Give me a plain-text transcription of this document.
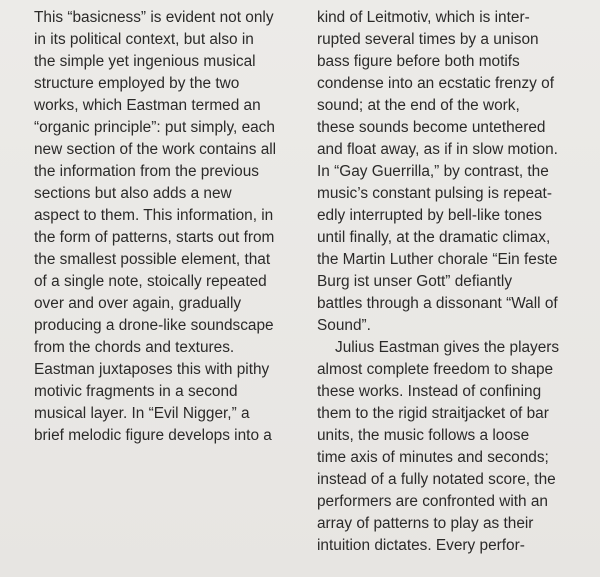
This “basicness” is evident not only
in its political context, but also in
the simple yet ingenious musical
structure employed by the two
works, which Eastman termed an
“organic principle”: put simply, each
new section of the work contains all
the information from the previous
sections but also adds a new
aspect to them. This information, in
the form of patterns, starts out from
the smallest possible element, that
of a single note, stoically repeated
over and over again, gradually
producing a drone-like soundscape
from the chords and textures.
Eastman juxtaposes this with pithy
motivic fragments in a second
musical layer. In “Evil Nigger,” a
brief melodic figure develops into a
kind of Leitmotiv, which is inter-
rupted several times by a unison
bass figure before both motifs
condense into an ecstatic frenzy of
sound; at the end of the work,
these sounds become untethered
and float away, as if in slow motion.
In “Gay Guerrilla,” by contrast, the
music’s constant pulsing is repeat-
edly interrupted by bell-like tones
until finally, at the dramatic climax,
the Martin Luther chorale “Ein feste
Burg ist unser Gott” defiantly
battles through a dissonant “Wall of
Sound”.
Julius Eastman gives the players
almost complete freedom to shape
these works. Instead of confining
them to the rigid straitjacket of bar
units, the music follows a loose
time axis of minutes and seconds;
instead of a fully notated score, the
performers are confronted with an
array of patterns to play as their
intuition dictates. Every perfor-
